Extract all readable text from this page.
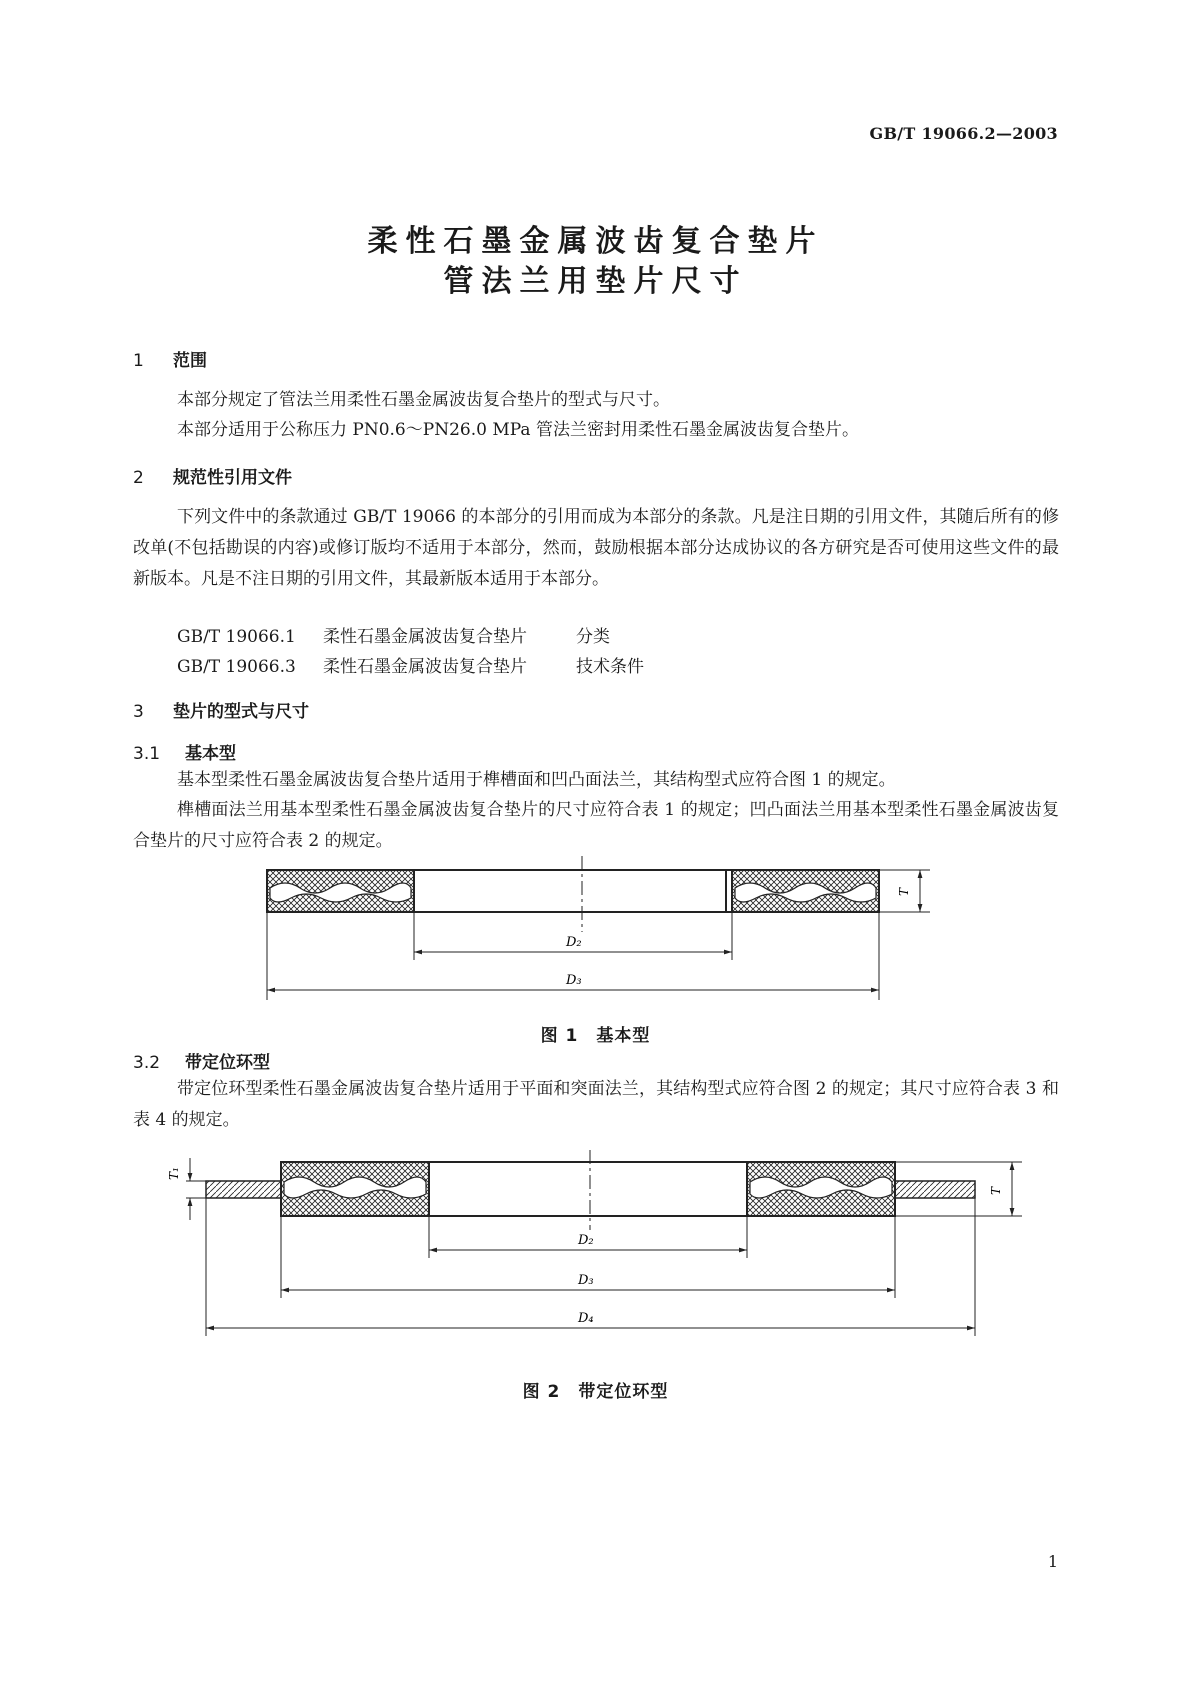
GB/T 19066.2—2003
柔性石墨金属波齿复合垫片
管法兰用垫片尺寸
1 范围
本部分规定了管法兰用柔性石墨金属波齿复合垫片的型式与尺寸。
本部分适用于公称压力 PN0.6～PN26.0 MPa 管法兰密封用柔性石墨金属波齿复合垫片。
2 规范性引用文件
下列文件中的条款通过 GB/T 19066 的本部分的引用而成为本部分的条款。凡是注日期的引用文件，其随后所有的修改单(不包括勘误的内容)或修订版均不适用于本部分，然而，鼓励根据本部分达成协议的各方研究是否可使用这些文件的最新版本。凡是不注日期的引用文件，其最新版本适用于本部分。
GB/T 19066.1 柔性石墨金属波齿复合垫片	分类
GB/T 19066.3 柔性石墨金属波齿复合垫片	技术条件
3 垫片的型式与尺寸
3.1 基本型
基本型柔性石墨金属波齿复合垫片适用于榫槽面和凹凸面法兰，其结构型式应符合图 1 的规定。
榫槽面法兰用基本型柔性石墨金属波齿复合垫片的尺寸应符合表 1 的规定；凹凸面法兰用基本型柔性石墨金属波齿复合垫片的尺寸应符合表 2 的规定。
T
D₂
D₃
图 1　基本型
3.2 带定位环型
带定位环型柔性石墨金属波齿复合垫片适用于平面和突面法兰，其结构型式应符合图 2 的规定；其尺寸应符合表 3 和表 4 的规定。
T₁
T
D₂
D₃
D₄
图 2　带定位环型
1
